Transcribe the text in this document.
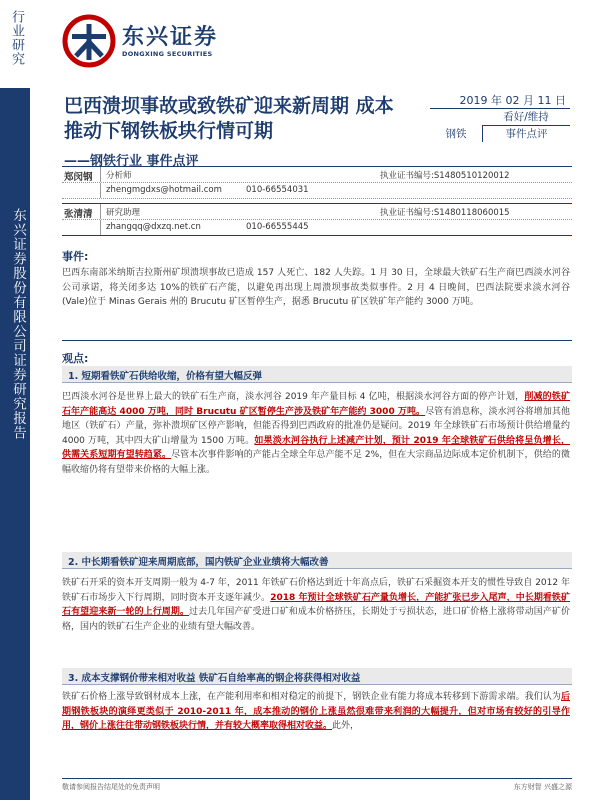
行业研究
东兴证券股份有限公司证券研究报告
东兴证券
DONGXING SECURITIES
巴西溃坝事故或致铁矿迎来新周期 成本推动下钢铁板块行情可期
——钢铁行业 事件点评
2019 年 02 月 11 日
看好/维持
钢铁	事件点评
郑闵钢 分析师	执业证书编号:S1480510120012
zhengmgdxs@hotmail.com	010-66554031
张清清 研究助理	执业证书编号:S1480118060015
zhangqq@dxzq.net.cn	010-66555445
事件:
巴西东南部米纳斯吉拉斯州矿坝溃坝事故已造成 157 人死亡、182 人失踪。1 月 30 日，全球最大铁矿石生产商巴西淡水河谷公司承诺，将关闭多达 10%的铁矿石产能，以避免再出现上周溃坝事故类似事件。2 月 4 日晚间，巴西法院要求淡水河谷(Vale)位于 Minas Gerais 州的 Brucutu 矿区暂停生产，据悉 Brucutu 矿区铁矿年产能约 3000 万吨。
观点:
1. 短期看铁矿石供给收缩，价格有望大幅反弹
巴西淡水河谷是世界上最大的铁矿石生产商，淡水河谷 2019 年产量目标 4 亿吨，根据淡水河谷方面的停产计划，削减的铁矿石年产能高达 4000 万吨，同时 Brucutu 矿区暂停生产涉及铁矿年产能约 3000 万吨。尽管有消息称，淡水河谷将增加其他地区（铁矿石）产量，弥补溃坝矿区停产影响，但能否得到巴西政府的批准仍是疑问。2019 年全球铁矿石市场预计供给增量约 4000 万吨，其中四大矿山增量为 1500 万吨。如果淡水河谷执行上述减产计划，预计 2019 年全球铁矿石供给将呈负增长，供需关系短期有望转趋紧。尽管本次事件影响的产能占全球全年总产能不足 2%，但在大宗商品边际成本定价机制下，供给的微幅收缩仍将有望带来价格的大幅上涨。
2. 中长期看铁矿迎来周期底部，国内铁矿企业业绩将大幅改善
铁矿石开采的资本开支周期一般为 4-7 年，2011 年铁矿石价格达到近十年高点后，铁矿石采掘资本开支的惯性导致自 2012 年铁矿石市场步入下行周期，同时资本开支逐年减少。2018 年预计全球铁矿石产量负增长，产能扩张已步入尾声，中长期看铁矿石有望迎来新一轮的上行周期。过去几年国产矿受进口矿和成本价格挤压，长期处于亏损状态，进口矿价格上涨将带动国产矿价格，国内的铁矿石生产企业的业绩有望大幅改善。
3. 成本支撑钢价带来相对收益 铁矿石自给率高的钢企将获得相对收益
铁矿石价格上涨导致钢材成本上涨，在产能利用率和相对稳定的前提下，钢铁企业有能力将成本转移到下游需求端。我们认为后期钢铁板块的演绎更类似于 2010-2011 年，成本推动的钢价上涨虽然很难带来利润的大幅提升，但对市场有较好的引导作用，钢价上涨往往带动钢铁板块行情，并有较大概率取得相对收益。此外，
敬请参阅报告结尾处的免责声明	东方财智 兴盛之源
